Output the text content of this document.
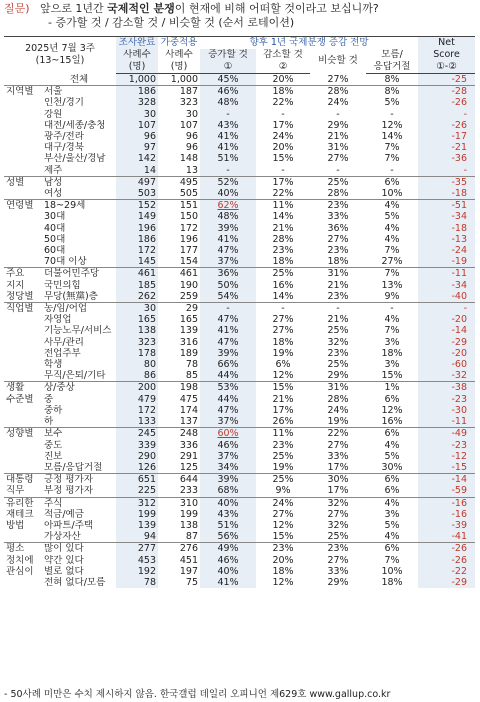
질문) 앞으로 1년간 국제적인 분쟁이 현재에 비해 어떠할 것이라고 보십니까?
- 증가할 것 / 감소할 것 / 비슷할 것 (순서 로테이션)
2025년 7월 3주
(13~15일)		조사완료	가중적용	향후 1년 국제분쟁 증감 전망				Net
		사례수	사례수	증가할 것	감소할 것	비슷할 것	모름/	Score
		(명)	(명)	①	②		응답거절	①-②
	전체	1,000	1,000	45%	20%	27%	8%	-25
지역별	서울	186	187	46%	18%	28%	8%	-28
	인천/경기	328	323	48%	22%	24%	5%	-26
	강원	30	30	-	-	-	-	-
	대전/세종/충청	107	107	43%	17%	29%	12%	-26
	광주/전라	96	96	41%	24%	21%	14%	-17
	대구/경북	97	96	41%	20%	31%	7%	-21
	부산/울산/경남	142	148	51%	15%	27%	7%	-36
	제주	14	13	-	-	-	-	-
성별	남성	497	495	52%	17%	25%	6%	-35
	여성	503	505	40%	22%	28%	10%	-18
연령별	18~29세	152	151	62%	11%	23%	4%	-51
	30대	149	150	48%	14%	33%	5%	-34
	40대	196	172	39%	21%	36%	4%	-18
	50대	186	196	41%	28%	27%	4%	-13
	60대	172	177	47%	23%	23%	7%	-24
	70대 이상	145	154	37%	18%	18%	27%	-19
주요	더불어민주당	461	461	36%	25%	31%	7%	-11
지지	국민의힘	185	190	50%	16%	21%	13%	-34
정당별	무당(無黨)층	262	259	54%	14%	23%	9%	-40
직업별	농/임/어업	30	29	-	-	-	-	-
	자영업	165	165	47%	27%	21%	4%	-20
	기능노무/서비스	138	139	41%	27%	25%	7%	-14
	사무/관리	323	316	47%	18%	32%	3%	-29
	전업주부	178	189	39%	19%	23%	18%	-20
	학생	80	78	66%	6%	25%	3%	-60
	무직/은퇴/기타	86	85	44%	12%	29%	15%	-32
생활	상/중상	200	198	53%	15%	31%	1%	-38
수준별	중	479	475	44%	21%	28%	6%	-23
	중하	172	174	47%	17%	24%	12%	-30
	하	133	137	37%	26%	19%	16%	-11
성향별	보수	245	248	60%	11%	22%	6%	-49
	중도	339	336	46%	23%	27%	4%	-23
	진보	290	291	37%	25%	33%	5%	-12
	모름/응답거절	126	125	34%	19%	17%	30%	-15
대통령	긍정 평가자	651	644	39%	25%	30%	6%	-14
직무	부정 평가자	225	233	68%	9%	17%	6%	-59
유리한	주식	312	310	40%	24%	32%	4%	-16
재테크	적금/예금	199	199	43%	27%	27%	3%	-16
방법	아파트/주택	139	138	51%	12%	32%	5%	-39
	가상자산	94	87	56%	15%	25%	4%	-41
평소	많이 있다	277	276	49%	23%	23%	6%	-26
정치에	약간 있다	453	451	46%	20%	27%	7%	-26
관심이	별로 없다	192	197	40%	18%	33%	10%	-22
	전혀 없다/모름	78	75	41%	12%	29%	18%	-29
- 50사례 미만은 수치 제시하지 않음. 한국갤럽 데일리 오피니언 제629호 www.gallup.co.kr
